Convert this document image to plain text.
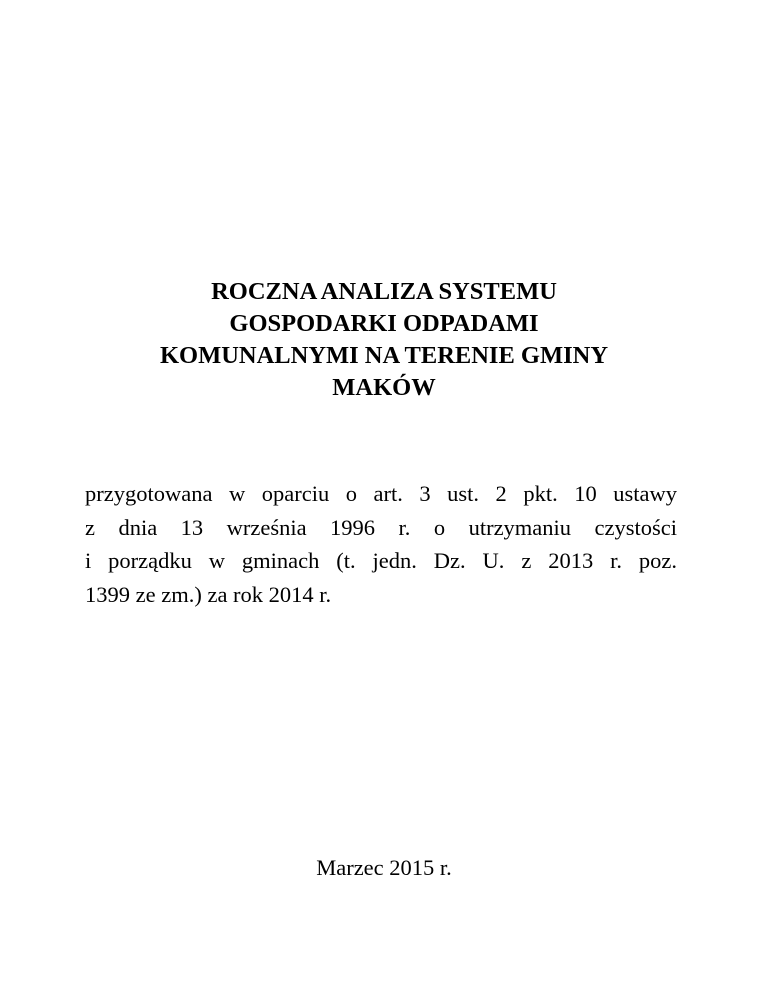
ROCZNA ANALIZA SYSTEMU
GOSPODARKI ODPADAMI
KOMUNALNYMI NA TERENIE GMINY
MAKÓW

przygotowana w oparciu o art. 3 ust. 2 pkt. 10 ustawy
z dnia 13 września 1996 r. o utrzymaniu czystości
i porządku w gminach (t. jedn. Dz. U. z 2013 r. poz.
1399 ze zm.) za rok 2014 r.

Marzec 2015 r.
